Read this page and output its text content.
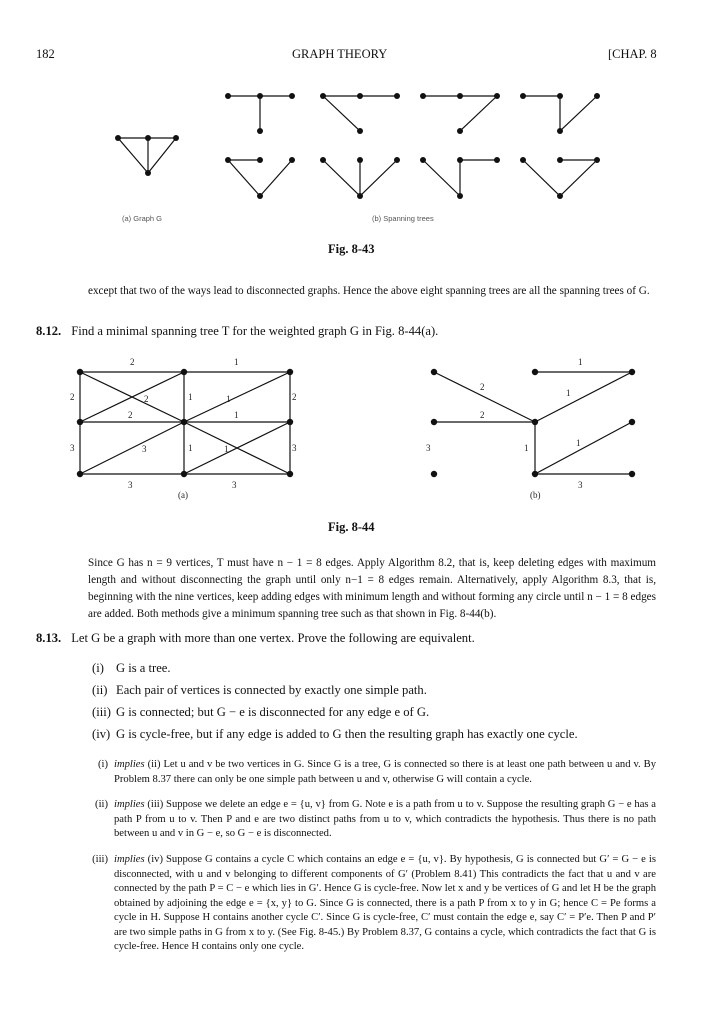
182	GRAPH THEORY	[CHAP. 8
(a) Graph G	(b) Spanning trees
Fig. 8-43
except that two of the ways lead to disconnected graphs. Hence the above eight spanning trees are all the spanning trees of G.
8.12. Find a minimal spanning tree T for the weighted graph G in Fig. 8-44(a).
2	1
2	2	1	1	2
2	1
3	3	1	1	3
3	3
(a)
1
2
1
2
3	1	1
3
(b)
Fig. 8-44
Since G has n = 9 vertices, T must have n − 1 = 8 edges. Apply Algorithm 8.2, that is, keep deleting edges with maximum length and without disconnecting the graph until only n−1 = 8 edges remain. Alternatively, apply Algorithm 8.3, that is, beginning with the nine vertices, keep adding edges with minimum length and without forming any circle until n − 1 = 8 edges are added. Both methods give a minimum spanning tree such as that shown in Fig. 8-44(b).
8.13. Let G be a graph with more than one vertex. Prove the following are equivalent.
(i) G is a tree.
(ii) Each pair of vertices is connected by exactly one simple path.
(iii) G is connected; but G − e is disconnected for any edge e of G.
(iv) G is cycle-free, but if any edge is added to G then the resulting graph has exactly one cycle.
(i) implies (ii) Let u and v be two vertices in G. Since G is a tree, G is connected so there is at least one path between u and v. By Problem 8.37 there can only be one simple path between u and v, otherwise G will contain a cycle.
(ii) implies (iii) Suppose we delete an edge e = {u, v} from G. Note e is a path from u to v. Suppose the resulting graph G − e has a path P from u to v. Then P and e are two distinct paths from u to v, which contradicts the hypothesis. Thus there is no path between u and v in G − e, so G − e is disconnected.
(iii) implies (iv) Suppose G contains a cycle C which contains an edge e = {u, v}. By hypothesis, G is connected but G′ = G − e is disconnected, with u and v belonging to different components of G′ (Problem 8.41) This contradicts the fact that u and v are connected by the path P = C − e which lies in G′. Hence G is cycle-free. Now let x and y be vertices of G and let H be the graph obtained by adjoining the edge e = {x, y} to G. Since G is connected, there is a path P from x to y in G; hence C = Pe forms a cycle in H. Suppose H contains another cycle C′. Since G is cycle-free, C′ must contain the edge e, say C′ = P′e. Then P and P′ are two simple paths in G from x to y. (See Fig. 8-45.) By Problem 8.37, G contains a cycle, which contradicts the fact that G is cycle-free. Hence H contains only one cycle.
